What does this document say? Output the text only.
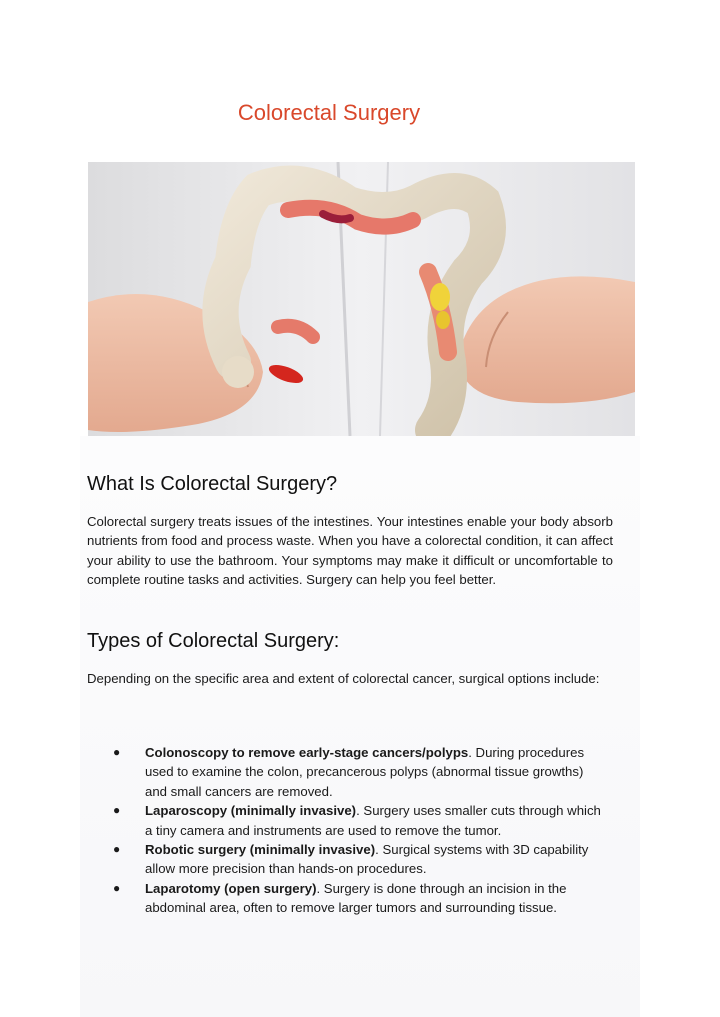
Colorectal Surgery
What Is Colorectal Surgery?

Colorectal surgery treats issues of the intestines. Your intestines enable your body absorb nutrients from food and process waste. When you have a colorectal condition, it can affect your ability to use the bathroom. Your symptoms may make it difficult or uncomfortable to complete routine tasks and activities. Surgery can help you feel better.

Types of Colorectal Surgery:

Depending on the specific area and extent of colorectal cancer, surgical options include:

● Colonoscopy to remove early-stage cancers/polyps. During procedures used to examine the colon, precancerous polyps (abnormal tissue growths) and small cancers are removed.
● Laparoscopy (minimally invasive). Surgery uses smaller cuts through which a tiny camera and instruments are used to remove the tumor.
● Robotic surgery (minimally invasive). Surgical systems with 3D capability allow more precision than hands-on procedures.
● Laparotomy (open surgery). Surgery is done through an incision in the abdominal area, often to remove larger tumors and surrounding tissue.
